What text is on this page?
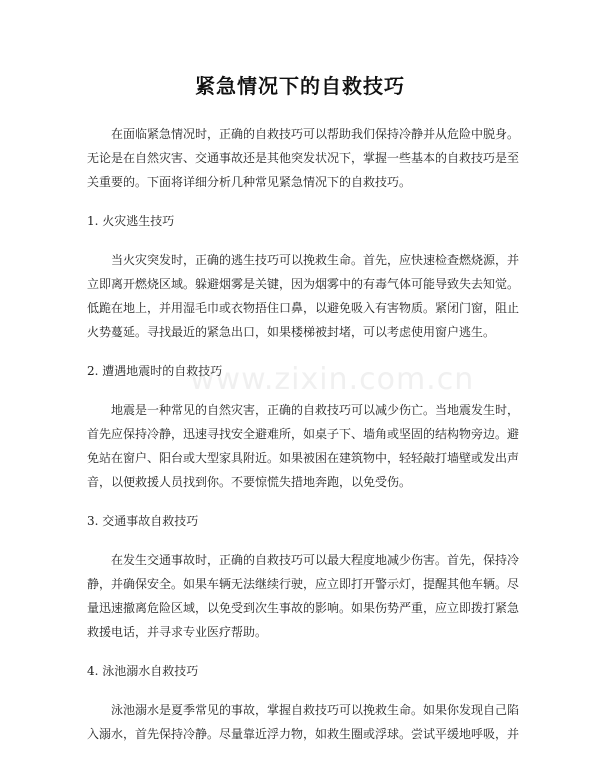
紧急情况下的自救技巧
www.zixin.com.cn

在面临紧急情况时，正确的自救技巧可以帮助我们保持冷静并从危险中脱身。无论是在自然灾害、交通事故还是其他突发状况下，掌握一些基本的自救技巧是至关重要的。下面将详细分析几种常见紧急情况下的自救技巧。

1. 火灾逃生技巧

当火灾突发时，正确的逃生技巧可以挽救生命。首先，应快速检查燃烧源，并立即离开燃烧区域。躲避烟雾是关键，因为烟雾中的有毒气体可能导致失去知觉。低跪在地上，并用湿毛巾或衣物捂住口鼻，以避免吸入有害物质。紧闭门窗，阻止火势蔓延。寻找最近的紧急出口，如果楼梯被封堵，可以考虑使用窗户逃生。

2. 遭遇地震时的自救技巧

地震是一种常见的自然灾害，正确的自救技巧可以减少伤亡。当地震发生时，首先应保持冷静，迅速寻找安全避难所，如桌子下、墙角或坚固的结构物旁边。避免站在窗户、阳台或大型家具附近。如果被困在建筑物中，轻轻敲打墙壁或发出声音，以便救援人员找到你。不要惊慌失措地奔跑，以免受伤。

3. 交通事故自救技巧

在发生交通事故时，正确的自救技巧可以最大程度地减少伤害。首先，保持冷静，并确保安全。如果车辆无法继续行驶，应立即打开警示灯，提醒其他车辆。尽量迅速撤离危险区域，以免受到次生事故的影响。如果伤势严重，应立即拨打紧急救援电话，并寻求专业医疗帮助。

4. 泳池溺水自救技巧

泳池溺水是夏季常见的事故，掌握自救技巧可以挽救生命。如果你发现自己陷入溺水，首先保持冷静。尽量靠近浮力物，如救生圈或浮球。尝试平缓地呼吸，并
